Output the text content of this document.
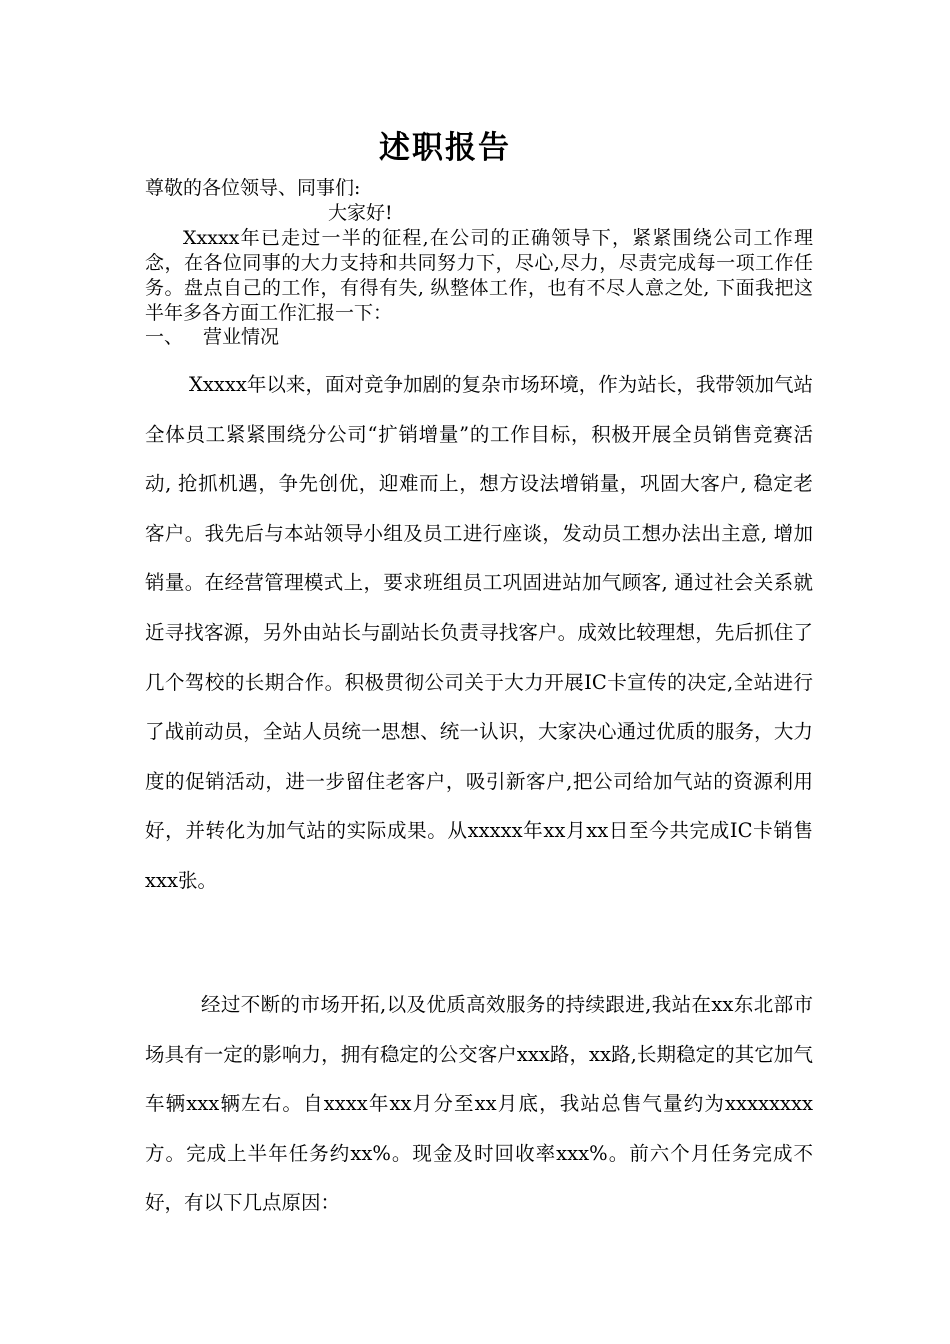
述职报告
尊敬的各位领导、同事们:
大家好!
Xxxxx年已走过一半的征程,在公司的正确领导下，紧紧围绕公司工作理念，在各位同事的大力支持和共同努力下，尽心,尽力，尽责完成每一项工作任务。盘点自己的工作，有得有失, 纵整体工作，也有不尽人意之处, 下面我把这半年多各方面工作汇报一下：
一、 营业情况
Xxxxx年以来，面对竞争加剧的复杂市场环境，作为站长，我带领加气站全体员工紧紧围绕分公司“扩销增量”的工作目标，积极开展全员销售竞赛活动, 抢抓机遇，争先创优，迎难而上，想方设法增销量，巩固大客户, 稳定老客户。我先后与本站领导小组及员工进行座谈，发动员工想办法出主意, 增加销量。在经营管理模式上，要求班组员工巩固进站加气顾客, 通过社会关系就近寻找客源，另外由站长与副站长负责寻找客户。成效比较理想，先后抓住了几个驾校的长期合作。积极贯彻公司关于大力开展IC卡宣传的决定,全站进行了战前动员，全站人员统一思想、统一认识，大家决心通过优质的服务，大力度的促销活动，进一步留住老客户，吸引新客户,把公司给加气站的资源利用好，并转化为加气站的实际成果。从xxxxx年xx月xx日至今共完成IC卡销售xxx张。
经过不断的市场开拓,以及优质高效服务的持续跟进,我站在xx东北部市场具有一定的影响力，拥有稳定的公交客户xxx路，xx路,长期稳定的其它加气车辆xxx辆左右。自xxxx年xx月分至xx月底，我站总售气量约为xxxxxxxx方。完成上半年任务约xx%。现金及时回收率xxx%。前六个月任务完成不好，有以下几点原因：
